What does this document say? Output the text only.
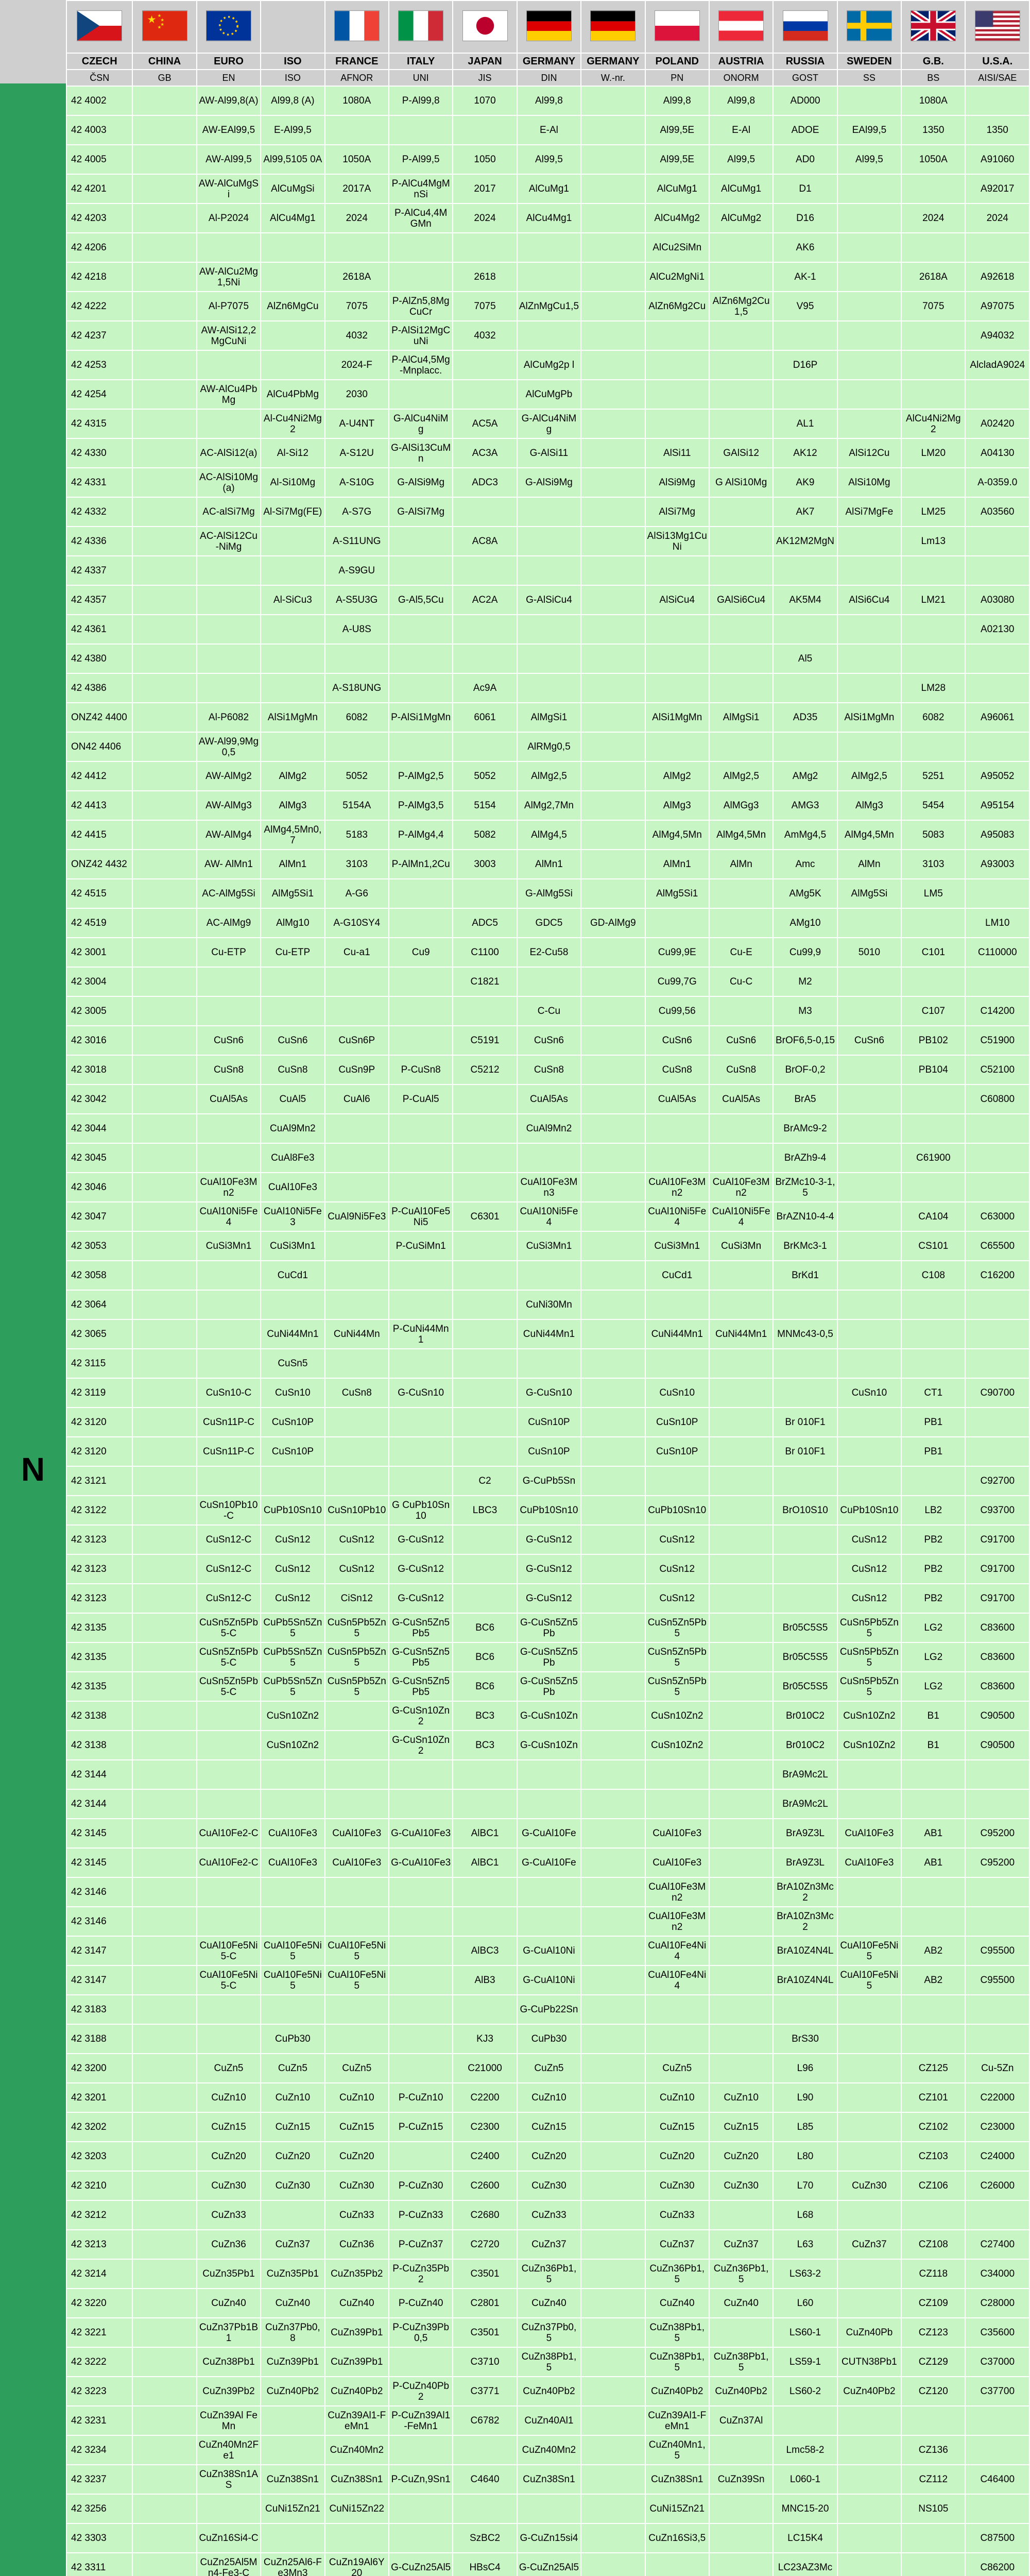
N

★ ★
★
★
★

CZECH	CHINA	EURO	ISO	FRANCE	ITALY	JAPAN	GERMANY	GERMANY	POLAND	AUSTRIA	RUSSIA	SWEDEN	G.B.	U.S.A.
ČSN	GB	EN	ISO	AFNOR	UNI	JIS	DIN	W.-nr.	PN	ONORM	GOST	SS	BS	AISI/SAE
42 4002		AW-Al99,8(A)	Al99,8 (A)	1080A	P-Al99,8	1070	Al99,8		Al99,8	Al99,8	AD000		1080A	
42 4003		AW-EAl99,5	E-Al99,5				E-Al		Al99,5E	E-Al	ADOE	EAl99,5	1350	1350
42 4005		AW-Al99,5	Al99,5105 0A	1050A	P-Al99,5	1050	Al99,5		Al99,5E	Al99,5	AD0	Al99,5	1050A	A91060
42 4201		AW-AlCuMgSi	AlCuMgSi	2017A	P-AlCu4MgMnSi	2017	AlCuMg1		AlCuMg1	AlCuMg1	D1			A92017
42 4203		Al-P2024	AlCu4Mg1	2024	P-AlCu4,4MGMn	2024	AlCu4Mg1		AlCu4Mg2	AlCuMg2	D16		2024	2024
42 4206									AlCu2SiMn		AK6			
42 4218		AW-AlCu2Mg1,5Ni		2618A		2618			AlCu2MgNi1		AK-1		2618A	A92618
42 4222		Al-P7075	AlZn6MgCu	7075	P-AlZn5,8MgCuCr	7075	AlZnMgCu1,5		AlZn6Mg2Cu	AlZn6Mg2Cu1,5	V95		7075	A97075
42 4237		AW-AlSi12,2MgCuNi		4032	P-AlSi12MgCuNi	4032								A94032
42 4253				2024-F	P-AlCu4,5Mg-Mnplacc.		AlCuMg2p l				D16P			AlcladA9024
42 4254		AW-AlCu4PbMg	AlCu4PbMg	2030			AlCuMgPb							
42 4315			Al-Cu4Ni2Mg2	A-U4NT	G-AlCu4NiMg	AC5A	G-AlCu4NiMg				AL1		AlCu4Ni2Mg2	A02420
42 4330		AC-AlSi12(a)	Al-Si12	A-S12U	G-AlSi13CuMn	AC3A	G-AlSi11		AlSi11	GAlSi12	AK12	AlSi12Cu	LM20	A04130
42 4331		AC-AlSi10Mg(a)	Al-Si10Mg	A-S10G	G-AlSi9Mg	ADC3	G-AlSi9Mg		AlSi9Mg	G AlSi10Mg	AK9	AlSi10Mg		A-0359.0
42 4332		AC-alSi7Mg	Al-Si7Mg(FE)	A-S7G	G-AlSi7Mg				AlSi7Mg		AK7	AlSi7MgFe	LM25	A03560
42 4336		AC-AlSi12Cu-NiMg		A-S11UNG		AC8A			AlSi13Mg1CuNi		AK12M2MgN		Lm13	
42 4337				A-S9GU										
42 4357			Al-SiCu3	A-S5U3G	G-Al5,5Cu	AC2A	G-AlSiCu4		AlSiCu4	GAlSi6Cu4	AK5M4	AlSi6Cu4	LM21	A03080
42 4361				A-U8S										A02130
42 4380											Al5			
42 4386				A-S18UNG		Ac9A							LM28	
ONZ42 4400		Al-P6082	AlSi1MgMn	6082	P-AlSi1MgMn	6061	AlMgSi1		AlSi1MgMn	AlMgSi1	AD35	AlSi1MgMn	6082	A96061
ON42 4406		AW-Al99,9Mg0,5					AlRMg0,5							
42 4412		AW-AlMg2	AlMg2	5052	P-AlMg2,5	5052	AlMg2,5		AlMg2	AlMg2,5	AMg2	AlMg2,5	5251	A95052
42 4413		AW-AlMg3	AlMg3	5154A	P-AlMg3,5	5154	AlMg2,7Mn		AlMg3	AlMGg3	AMG3	AlMg3	5454	A95154
42 4415		AW-AlMg4	AlMg4,5Mn0,7	5183	P-AlMg4,4	5082	AlMg4,5		AlMg4,5Mn	AlMg4,5Mn	AmMg4,5	AlMg4,5Mn	5083	A95083
ONZ42 4432		AW- AlMn1	AlMn1	3103	P-AlMn1,2Cu	3003	AlMn1		AlMn1	AlMn	Amc	AlMn	3103	A93003
42 4515		AC-AlMg5Si	AlMg5Si1	A-G6			G-AlMg5Si		AlMg5Si1		AMg5K	AlMg5Si	LM5	
42 4519		AC-AlMg9	AlMg10	A-G10SY4		ADC5	GDC5	GD-AlMg9			AMg10			LM10
42 3001		Cu-ETP	Cu-ETP	Cu-a1	Cu9	C1100	E2-Cu58		Cu99,9E	Cu-E	Cu99,9	5010	C101	C110000
42 3004						C1821			Cu99,7G	Cu-C	M2			
42 3005							C-Cu		Cu99,56		M3		C107	C14200
42 3016		CuSn6	CuSn6	CuSn6P		C5191	CuSn6		CuSn6	CuSn6	BrOF6,5-0,15	CuSn6	PB102	C51900
42 3018		CuSn8	CuSn8	CuSn9P	P-CuSn8	C5212	CuSn8		CuSn8	CuSn8	BrOF-0,2		PB104	C52100
42 3042		CuAl5As	CuAl5	CuAl6	P-CuAl5		CuAl5As		CuAl5As	CuAl5As	BrA5			C60800
42 3044			CuAl9Mn2				CuAl9Mn2				BrAMc9-2			
42 3045			CuAl8Fe3								BrAZh9-4		C61900	
42 3046		CuAl10Fe3Mn2	CuAl10Fe3				CuAl10Fe3Mn3		CuAl10Fe3Mn2	CuAl10Fe3Mn2	BrZMc10-3-1,5			
42 3047		CuAl10Ni5Fe4	CuAl10Ni5Fe3	CuAl9Ni5Fe3	P-CuAl10Fe5Ni5	C6301	CuAl10Ni5Fe4		CuAl10Ni5Fe4	CuAl10Ni5Fe4	BrAZN10-4-4		CA104	C63000
42 3053		CuSi3Mn1	CuSi3Mn1		P-CuSiMn1		CuSi3Mn1		CuSi3Mn1	CuSi3Mn	BrKMc3-1		CS101	C65500
42 3058			CuCd1						CuCd1		BrKd1		C108	C16200
42 3064							CuNi30Mn							
42 3065			CuNi44Mn1	CuNi44Mn	P-CuNi44Mn1		CuNi44Mn1		CuNi44Mn1	CuNi44Mn1	MNMc43-0,5			
42 3115			CuSn5											
42 3119		CuSn10-C	CuSn10	CuSn8	G-CuSn10		G-CuSn10		CuSn10			CuSn10	CT1	C90700
42 3120		CuSn11P-C	CuSn10P				CuSn10P		CuSn10P		Br 010F1		PB1	
42 3120		CuSn11P-C	CuSn10P				CuSn10P		CuSn10P		Br 010F1		PB1	
42 3121						C2	G-CuPb5Sn							C92700
42 3122		CuSn10Pb10-C	CuPb10Sn10	CuSn10Pb10	G CuPb10Sn10	LBC3	CuPb10Sn10		CuPb10Sn10		BrO10S10	CuPb10Sn10	LB2	C93700
42 3123		CuSn12-C	CuSn12	CuSn12	G-CuSn12		G-CuSn12		CuSn12			CuSn12	PB2	C91700
42 3123		CuSn12-C	CuSn12	CuSn12	G-CuSn12		G-CuSn12		CuSn12			CuSn12	PB2	C91700
42 3123		CuSn12-C	CuSn12	CiSn12	G-CuSn12		G-CuSn12		CuSn12			CuSn12	PB2	C91700
42 3135		CuSn5Zn5Pb5-C	CuPb5Sn5Zn5	CuSn5Pb5Zn5	G-CuSn5Zn5Pb5	BC6	G-CuSn5Zn5Pb		CuSn5Zn5Pb5		Br05C5S5	CuSn5Pb5Zn5	LG2	C83600
42 3135		CuSn5Zn5Pb5-C	CuPb5Sn5Zn5	CuSn5Pb5Zn5	G-CuSn5Zn5Pb5	BC6	G-CuSn5Zn5Pb		CuSn5Zn5Pb5		Br05C5S5	CuSn5Pb5Zn5	LG2	C83600
42 3135		CuSn5Zn5Pb5-C	CuPb5Sn5Zn5	CuSn5Pb5Zn5	G-CuSn5Zn5Pb5	BC6	G-CuSn5Zn5Pb		CuSn5Zn5Pb5		Br05C5S5	CuSn5Pb5Zn5	LG2	C83600
42 3138			CuSn10Zn2		G-CuSn10Zn2	BC3	G-CuSn10Zn		CuSn10Zn2		Br010C2	CuSn10Zn2	B1	C90500
42 3138			CuSn10Zn2		G-CuSn10Zn2	BC3	G-CuSn10Zn		CuSn10Zn2		Br010C2	CuSn10Zn2	B1	C90500
42 3144											BrA9Mc2L			
42 3144											BrA9Mc2L			
42 3145		CuAl10Fe2-C	CuAl10Fe3	CuAl10Fe3	G-CuAl10Fe3	AlBC1	G-CuAl10Fe		CuAl10Fe3		BrA9Z3L	CuAl10Fe3	AB1	C95200
42 3145		CuAl10Fe2-C	CuAl10Fe3	CuAl10Fe3	G-CuAl10Fe3	AlBC1	G-CuAl10Fe		CuAl10Fe3		BrA9Z3L	CuAl10Fe3	AB1	C95200
42 3146									CuAl10Fe3Mn2		BrA10Zn3Mc2			
42 3146									CuAl10Fe3Mn2		BrA10Zn3Mc2			
42 3147		CuAl10Fe5Ni5-C	CuAl10Fe5Ni5	CuAl10Fe5Ni5		AlBC3	G-CuAl10Ni		CuAl10Fe4Ni4		BrA10Z4N4L	CuAl10Fe5Ni5	AB2	C95500
42 3147		CuAl10Fe5Ni5-C	CuAl10Fe5Ni5	CuAl10Fe5Ni5		AlB3	G-CuAl10Ni		CuAl10Fe4Ni4		BrA10Z4N4L	CuAl10Fe5Ni5	AB2	C95500
42 3183							G-CuPb22Sn							
42 3188			CuPb30			KJ3	CuPb30				BrS30			
42 3200		CuZn5	CuZn5	CuZn5		C21000	CuZn5		CuZn5		L96		CZ125	Cu-5Zn
42 3201		CuZn10	CuZn10	CuZn10	P-CuZn10	C2200	CuZn10		CuZn10	CuZn10	L90		CZ101	C22000
42 3202		CuZn15	CuZn15	CuZn15	P-CuZn15	C2300	CuZn15		CuZn15	CuZn15	L85		CZ102	C23000
42 3203		CuZn20	CuZn20	CuZn20		C2400	CuZn20		CuZn20	CuZn20	L80		CZ103	C24000
42 3210		CuZn30	CuZn30	CuZn30	P-CuZn30	C2600	CuZn30		CuZn30	CuZn30	L70	CuZn30	CZ106	C26000
42 3212		CuZn33		CuZn33	P-CuZn33	C2680	CuZn33		CuZn33		L68			
42 3213		CuZn36	CuZn37	CuZn36	P-CuZn37	C2720	CuZn37		CuZn37	CuZn37	L63	CuZn37	CZ108	C27400
42 3214		CuZn35Pb1	CuZn35Pb1	CuZn35Pb2	P-CuZn35Pb2	C3501	CuZn36Pb1,5		CuZn36Pb1,5	CuZn36Pb1,5	LS63-2		CZ118	C34000
42 3220		CuZn40	CuZn40	CuZn40	P-CuZn40	C2801	CuZn40		CuZn40	CuZn40	L60		CZ109	C28000
42 3221		CuZn37Pb1B1	CuZn37Pb0,8	CuZn39Pb1	P-CuZn39Pb0,5	C3501	CuZn37Pb0,5		CuZn38Pb1,5		LS60-1	CuZn40Pb	CZ123	C35600
42 3222		CuZn38Pb1	CuZn39Pb1	CuZn39Pb1		C3710	CuZn38Pb1,5		CuZn38Pb1,5	CuZn38Pb1,5	LS59-1	CUTN38Pb1	CZ129	C37000
42 3223		CuZn39Pb2	CuZn40Pb2	CuZn40Pb2	P-CuZn40Pb2	C3771	CuZn40Pb2		CuZn40Pb2	CuZn40Pb2	LS60-2	CuZn40Pb2	CZ120	C37700
42 3231		CuZn39Al FeMn		CuZn39Al1-FeMn1	P-CuZn39Al1-FeMn1	C6782	CuZn40Al1		CuZn39Al1-FeMn1	CuZn37Al				
42 3234		CuZn40Mn2Fe1		CuZn40Mn2			CuZn40Mn2		CuZn40Mn1,5		Lmc58-2		CZ136	
42 3237		CuZn38Sn1AS	CuZn38Sn1	CuZn38Sn1	P-CuZn,9Sn1	C4640	CuZn38Sn1		CuZn38Sn1	CuZn39Sn	L060-1		CZ112	C46400
42 3256			CuNi15Zn21	CuNi15Zn22					CuNi15Zn21		MNC15-20		NS105	
42 3303		CuZn16Si4-C				SzBC2	G-CuZn15si4		CuZn16Si3,5		LC15K4			C87500
42 3311		CuZn25Al5Mn4-Fe3-C	CuZn25Al6-Fe3Mn3	CuZn19Al6Y20	G-CuZn25Al5	HBsC4	G-CuZn25Al5				LC23AZ3Mc			C86200
